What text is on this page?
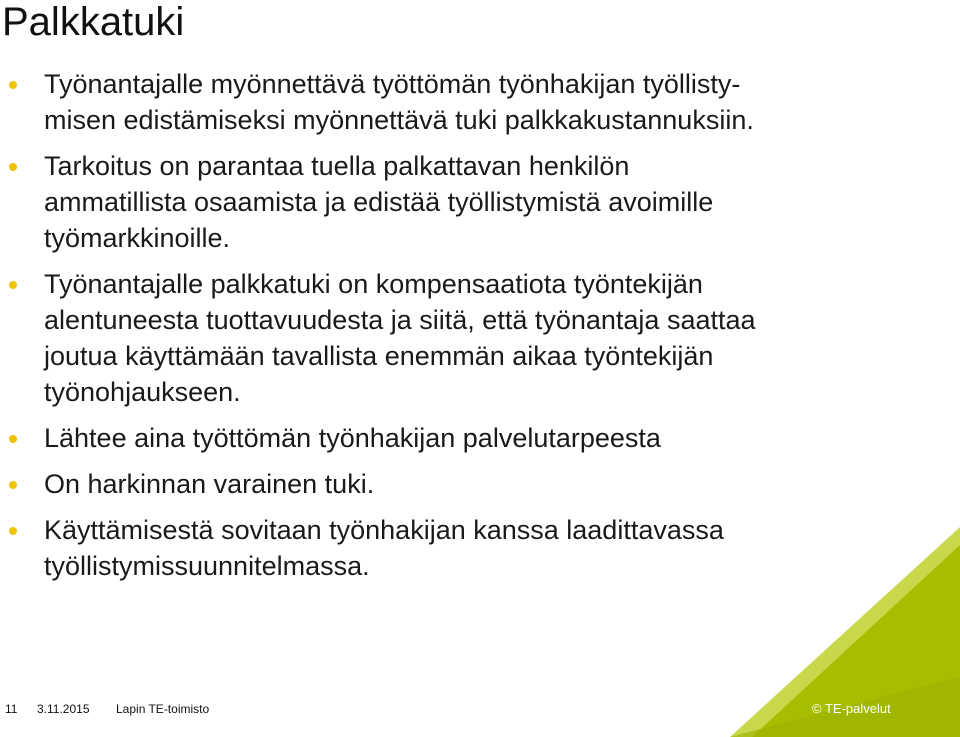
Palkkatuki
Työnantajalle myönnettävä työttömän työnhakijan työllisty-
misen edistämiseksi myönnettävä tuki palkkakustannuksiin.
Tarkoitus on parantaa tuella palkattavan henkilön
ammatillista osaamista ja edistää työllistymistä avoimille
työmarkkinoille.
Työnantajalle palkkatuki on kompensaatiota työntekijän
alentuneesta tuottavuudesta ja siitä, että työnantaja saattaa
joutua käyttämään tavallista enemmän aikaa työntekijän
työnohjaukseen.
Lähtee aina työttömän työnhakijan palvelutarpeesta
On harkinnan varainen tuki.
Käyttämisestä sovitaan työnhakijan kanssa laadittavassa
työllistymissuunnitelmassa.
11 3.11.2015 Lapin TE-toimisto	© TE-palvelut
